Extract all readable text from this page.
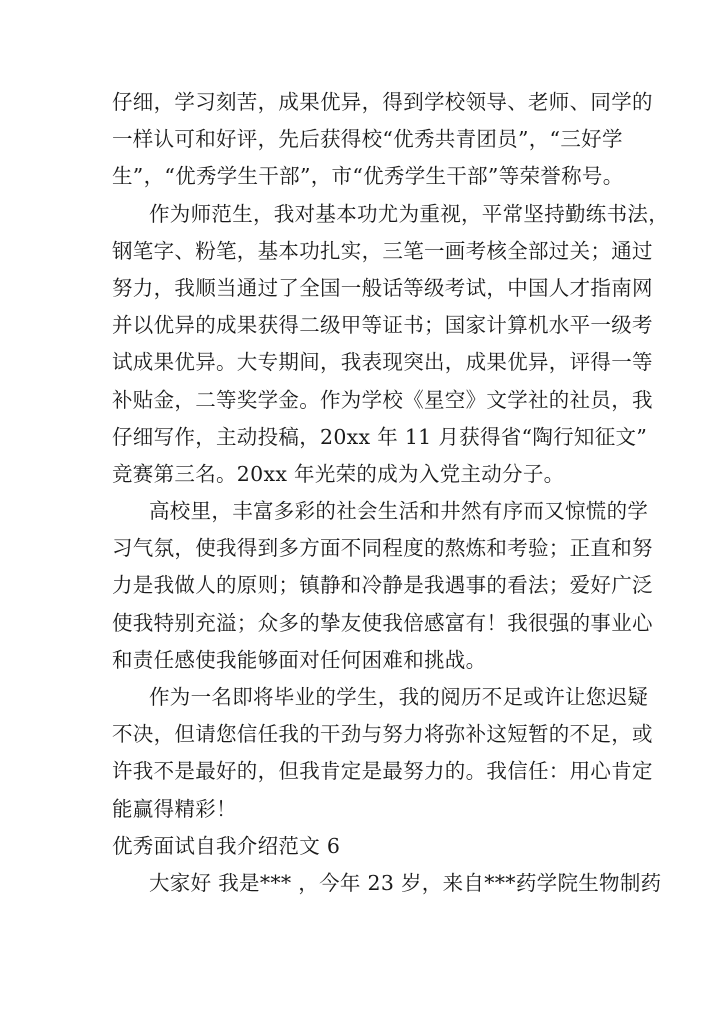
仔细，学习刻苦，成果优异，得到学校领导、老师、同学的
一样认可和好评，先后获得校“优秀共青团员”，“三好学
生”，“优秀学生干部”，市“优秀学生干部”等荣誉称号。
作为师范生，我对基本功尤为重视，平常坚持勤练书法，
钢笔字、粉笔，基本功扎实，三笔一画考核全部过关；通过
努力，我顺当通过了全国一般话等级考试，中国人才指南网
并以优异的成果获得二级甲等证书；国家计算机水平一级考
试成果优异。大专期间，我表现突出，成果优异，评得一等
补贴金，二等奖学金。作为学校《星空》文学社的社员，我
仔细写作，主动投稿，20xx 年 11 月获得省“陶行知征文”
竞赛第三名。20xx 年光荣的成为入党主动分子。
高校里，丰富多彩的社会生活和井然有序而又惊慌的学
习气氛，使我得到多方面不同程度的熬炼和考验；正直和努
力是我做人的原则；镇静和冷静是我遇事的看法；爱好广泛
使我特别充溢；众多的挚友使我倍感富有！我很强的事业心
和责任感使我能够面对任何困难和挑战。
作为一名即将毕业的学生，我的阅历不足或许让您迟疑
不决，但请您信任我的干劲与努力将弥补这短暂的不足，或
许我不是最好的，但我肯定是最努力的。我信任：用心肯定
能赢得精彩！
优秀面试自我介绍范文 6
大家好 我是*** ，今年 23 岁，来自***药学院生物制药
